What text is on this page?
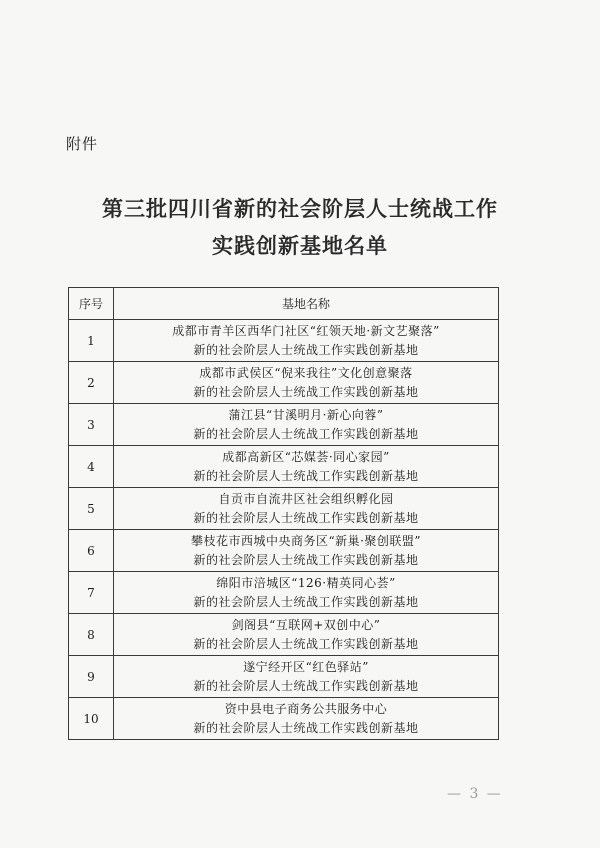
附件
第三批四川省新的社会阶层人士统战工作
实践创新基地名单
序号	基地名称
1	成都市青羊区西华门社区“红领天地·新文艺聚落”
新的社会阶层人士统战工作实践创新基地

2	成都市武侯区“倪来我往”文化创意聚落
新的社会阶层人士统战工作实践创新基地

3	蒲江县“甘溪明月·新心向蓉”
新的社会阶层人士统战工作实践创新基地

4	成都高新区“芯媒荟·同心家园”
新的社会阶层人士统战工作实践创新基地

5	自贡市自流井区社会组织孵化园
新的社会阶层人士统战工作实践创新基地

6	攀枝花市西城中央商务区“新巢·聚创联盟”
新的社会阶层人士统战工作实践创新基地

7	绵阳市涪城区“126·精英同心荟”
新的社会阶层人士统战工作实践创新基地

8	剑阁县“互联网+双创中心”
新的社会阶层人士统战工作实践创新基地

9	遂宁经开区“红色驿站”
新的社会阶层人士统战工作实践创新基地

10	资中县电子商务公共服务中心
新的社会阶层人士统战工作实践创新基地
— 3 —
